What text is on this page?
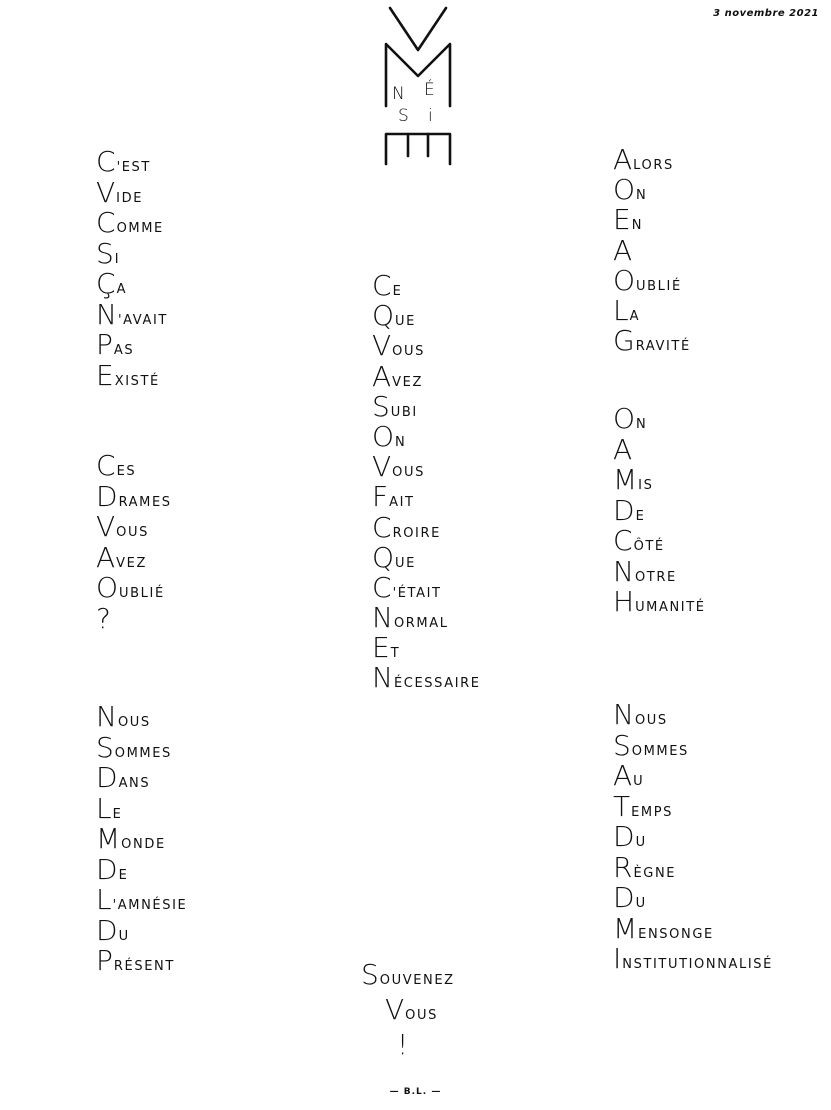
3 novembre 2021
N É
S i
C'EST
VIDE
COMME
SI
ÇA
N'AVAIT
PAS
EXISTÉ
CES
DRAMES
VOUS
AVEZ
OUBLIÉ
?
NOUS
SOMMES
DANS
LE
MONDE
DE
L'AMNÉSIE
DU
PRÉSENT
CE
QUE
VOUS
AVEZ
SUBI
ON
VOUS
FAIT
CROIRE
QUE
C'ÉTAIT
NORMAL
ET
NÉCESSAIRE
SOUVENEZ
VOUS
!
ALORS
ON
EN
A
OUBLIÉ
LA
GRAVITÉ
ON
A
MIS
DE
CÔTÉ
NOTRE
HUMANITÉ
NOUS
SOMMES
AU
TEMPS
DU
RÈGNE
DU
MENSONGE
INSTITUTIONNALISÉ
— B.L. —
